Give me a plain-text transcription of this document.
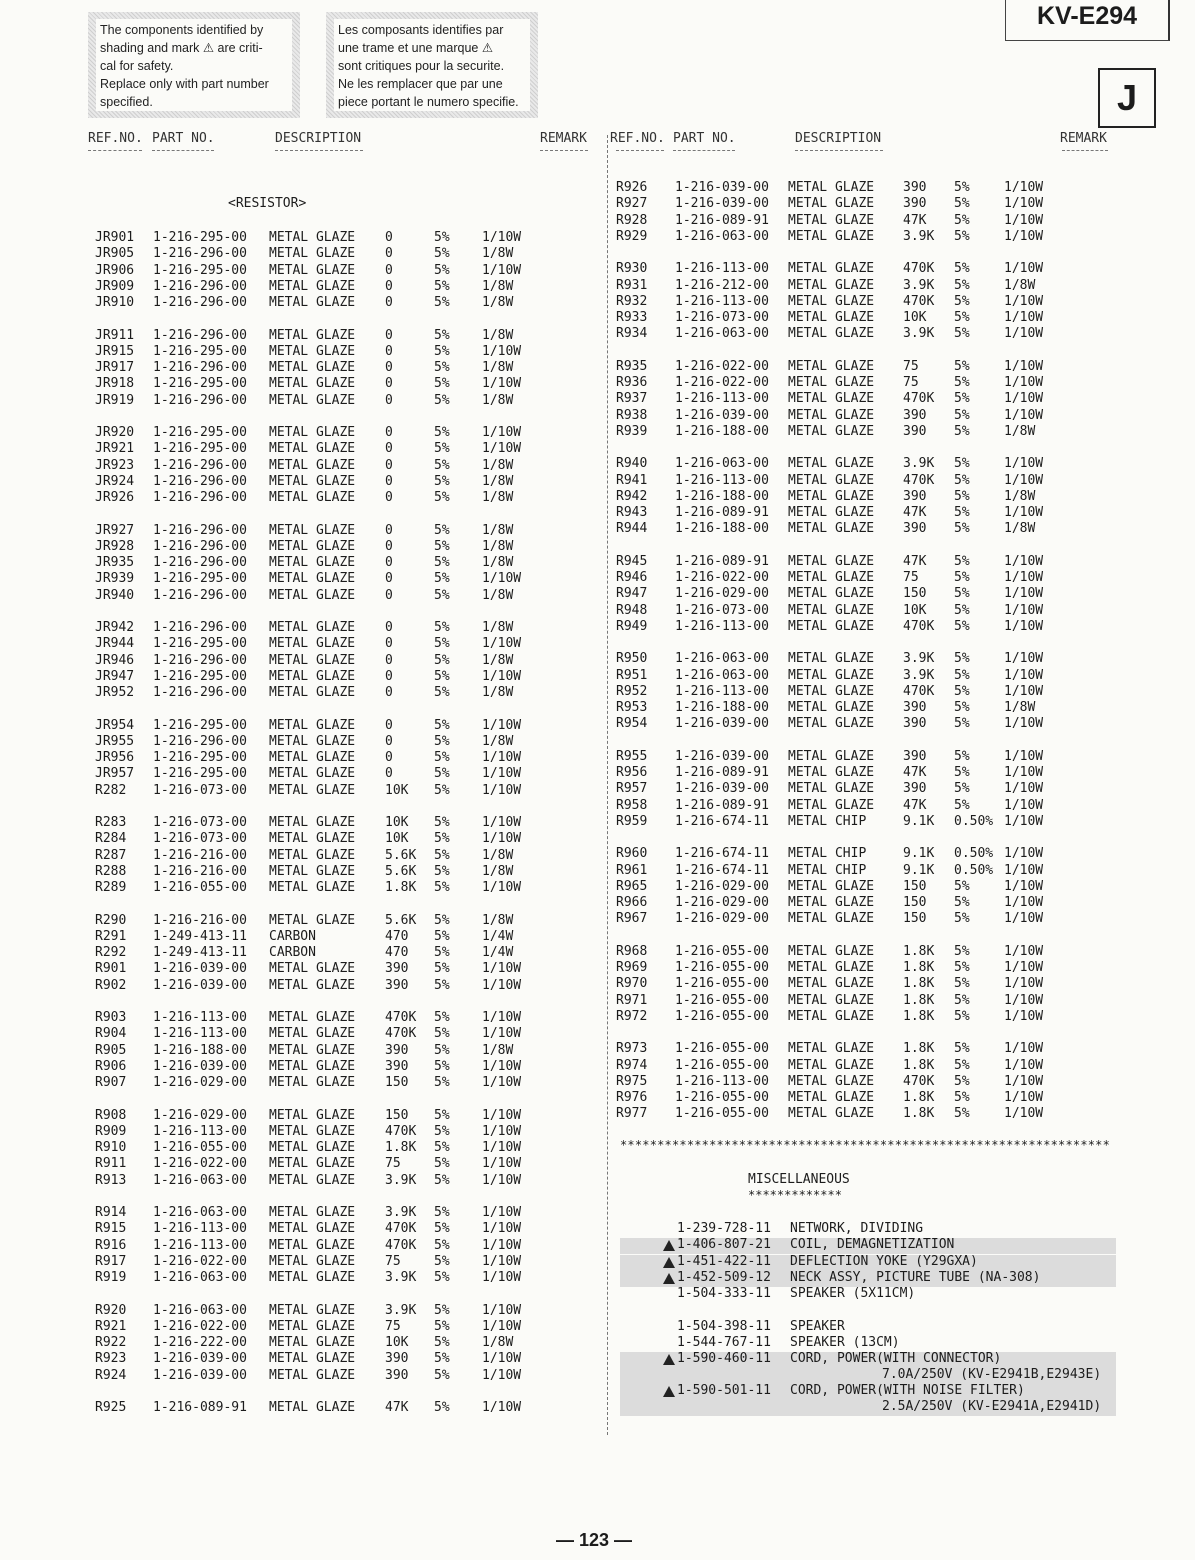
The components identified by
shading and mark ⚠ are criti-
cal for safety.
Replace only with part number
specified.
Les composants identifies par
une trame et une marque ⚠
sont critiques pour la securite.
Ne les remplacer que par une
piece portant le numero specifie.
KV-E294
J
REF.NO. PART NO.	DESCRIPTION	REMARK REF.NO. PART NO.	DESCRIPTION	REMARK
<RESISTOR>
JR901 1-216-295-00 METAL GLAZE 0	5% 1/10W
JR905 1-216-296-00 METAL GLAZE 0	5% 1/8W
JR906 1-216-295-00 METAL GLAZE 0	5% 1/10W
JR909 1-216-296-00 METAL GLAZE 0	5% 1/8W
JR910 1-216-296-00 METAL GLAZE 0	5% 1/8W
JR911 1-216-296-00 METAL GLAZE 0	5% 1/8W
JR915 1-216-295-00 METAL GLAZE 0	5% 1/10W
JR917 1-216-296-00 METAL GLAZE 0	5% 1/8W
JR918 1-216-295-00 METAL GLAZE 0	5% 1/10W
JR919 1-216-296-00 METAL GLAZE 0	5% 1/8W
JR920 1-216-295-00 METAL GLAZE 0	5% 1/10W
JR921 1-216-295-00 METAL GLAZE 0	5% 1/10W
JR923 1-216-296-00 METAL GLAZE 0	5% 1/8W
JR924 1-216-296-00 METAL GLAZE 0	5% 1/8W
JR926 1-216-296-00 METAL GLAZE 0	5% 1/8W
JR927 1-216-296-00 METAL GLAZE 0	5% 1/8W
JR928 1-216-296-00 METAL GLAZE 0	5% 1/8W
JR935 1-216-296-00 METAL GLAZE 0	5% 1/8W
JR939 1-216-295-00 METAL GLAZE 0	5% 1/10W
JR940 1-216-296-00 METAL GLAZE 0	5% 1/8W
JR942 1-216-296-00 METAL GLAZE 0	5% 1/8W
JR944 1-216-295-00 METAL GLAZE 0	5% 1/10W
JR946 1-216-296-00 METAL GLAZE 0	5% 1/8W
JR947 1-216-295-00 METAL GLAZE 0	5% 1/10W
JR952 1-216-296-00 METAL GLAZE 0	5% 1/8W
JR954 1-216-295-00 METAL GLAZE 0	5% 1/10W
JR955 1-216-296-00 METAL GLAZE 0	5% 1/8W
JR956 1-216-295-00 METAL GLAZE 0	5% 1/10W
JR957 1-216-295-00 METAL GLAZE 0	5% 1/10W
R282 1-216-073-00 METAL GLAZE 10K 5% 1/10W
R283 1-216-073-00 METAL GLAZE 10K 5% 1/10W
R284 1-216-073-00 METAL GLAZE 10K 5% 1/10W
R287 1-216-216-00 METAL GLAZE 5.6K 5% 1/8W
R288 1-216-216-00 METAL GLAZE 5.6K 5% 1/8W
R289 1-216-055-00 METAL GLAZE 1.8K 5% 1/10W
R290 1-216-216-00 METAL GLAZE 5.6K 5% 1/8W
R291 1-249-413-11 CARBON	470 5% 1/4W
R292 1-249-413-11 CARBON	470 5% 1/4W
R901 1-216-039-00 METAL GLAZE 390 5% 1/10W
R902 1-216-039-00 METAL GLAZE 390 5% 1/10W
R903 1-216-113-00 METAL GLAZE 470K 5% 1/10W
R904 1-216-113-00 METAL GLAZE 470K 5% 1/10W
R905 1-216-188-00 METAL GLAZE 390 5% 1/8W
R906 1-216-039-00 METAL GLAZE 390 5% 1/10W
R907 1-216-029-00 METAL GLAZE 150 5% 1/10W
R908 1-216-029-00 METAL GLAZE 150 5% 1/10W
R909 1-216-113-00 METAL GLAZE 470K 5% 1/10W
R910 1-216-055-00 METAL GLAZE 1.8K 5% 1/10W
R911 1-216-022-00 METAL GLAZE 75	5% 1/10W
R913 1-216-063-00 METAL GLAZE 3.9K 5% 1/10W
R914 1-216-063-00 METAL GLAZE 3.9K 5% 1/10W
R915 1-216-113-00 METAL GLAZE 470K 5% 1/10W
R916 1-216-113-00 METAL GLAZE 470K 5% 1/10W
R917 1-216-022-00 METAL GLAZE 75	5% 1/10W
R919 1-216-063-00 METAL GLAZE 3.9K 5% 1/10W
R920 1-216-063-00 METAL GLAZE 3.9K 5% 1/10W
R921 1-216-022-00 METAL GLAZE 75	5% 1/10W
R922 1-216-222-00 METAL GLAZE 10K 5% 1/8W
R923 1-216-039-00 METAL GLAZE 390 5% 1/10W
R924 1-216-039-00 METAL GLAZE 390 5% 1/10W
R925 1-216-089-91 METAL GLAZE 47K 5% 1/10W
R926 1-216-039-00 METAL GLAZE 390 5%	1/10W
R927 1-216-039-00 METAL GLAZE 390 5%	1/10W
R928 1-216-089-91 METAL GLAZE 47K 5%	1/10W
R929 1-216-063-00 METAL GLAZE 3.9K 5%	1/10W
R930 1-216-113-00 METAL GLAZE 470K 5%	1/10W
R931 1-216-212-00 METAL GLAZE 3.9K 5%	1/8W
R932 1-216-113-00 METAL GLAZE 470K 5%	1/10W
R933 1-216-073-00 METAL GLAZE 10K 5%	1/10W
R934 1-216-063-00 METAL GLAZE 3.9K 5%	1/10W
R935 1-216-022-00 METAL GLAZE 75	5%	1/10W
R936 1-216-022-00 METAL GLAZE 75	5%	1/10W
R937 1-216-113-00 METAL GLAZE 470K 5%	1/10W
R938 1-216-039-00 METAL GLAZE 390 5%	1/10W
R939 1-216-188-00 METAL GLAZE 390 5%	1/8W
R940 1-216-063-00 METAL GLAZE 3.9K 5%	1/10W
R941 1-216-113-00 METAL GLAZE 470K 5%	1/10W
R942 1-216-188-00 METAL GLAZE 390 5%	1/8W
R943 1-216-089-91 METAL GLAZE 47K 5%	1/10W
R944 1-216-188-00 METAL GLAZE 390 5%	1/8W
R945 1-216-089-91 METAL GLAZE 47K 5%	1/10W
R946 1-216-022-00 METAL GLAZE 75	5%	1/10W
R947 1-216-029-00 METAL GLAZE 150 5%	1/10W
R948 1-216-073-00 METAL GLAZE 10K 5%	1/10W
R949 1-216-113-00 METAL GLAZE 470K 5%	1/10W
R950 1-216-063-00 METAL GLAZE 3.9K 5%	1/10W
R951 1-216-063-00 METAL GLAZE 3.9K 5%	1/10W
R952 1-216-113-00 METAL GLAZE 470K 5%	1/10W
R953 1-216-188-00 METAL GLAZE 390 5%	1/8W
R954 1-216-039-00 METAL GLAZE 390 5%	1/10W
R955 1-216-039-00 METAL GLAZE 390 5%	1/10W
R956 1-216-089-91 METAL GLAZE 47K 5%	1/10W
R957 1-216-039-00 METAL GLAZE 390 5%	1/10W
R958 1-216-089-91 METAL GLAZE 47K 5%	1/10W
R959 1-216-674-11 METAL CHIP	9.1K 0.50% 1/10W
R960 1-216-674-11 METAL CHIP	9.1K 0.50% 1/10W
R961 1-216-674-11 METAL CHIP	9.1K 0.50% 1/10W
R965 1-216-029-00 METAL GLAZE 150 5%	1/10W
R966 1-216-029-00 METAL GLAZE 150 5%	1/10W
R967 1-216-029-00 METAL GLAZE 150 5%	1/10W
R968 1-216-055-00 METAL GLAZE 1.8K 5%	1/10W
R969 1-216-055-00 METAL GLAZE 1.8K 5%	1/10W
R970 1-216-055-00 METAL GLAZE 1.8K 5%	1/10W
R971 1-216-055-00 METAL GLAZE 1.8K 5%	1/10W
R972 1-216-055-00 METAL GLAZE 1.8K 5%	1/10W
R973 1-216-055-00 METAL GLAZE 1.8K 5%	1/10W
R974 1-216-055-00 METAL GLAZE 1.8K 5%	1/10W
R975 1-216-113-00 METAL GLAZE 470K 5%	1/10W
R976 1-216-055-00 METAL GLAZE 1.8K 5%	1/10W
R977 1-216-055-00 METAL GLAZE 1.8K 5%	1/10W
******************************************************************
MISCELLANEOUS
*************
1-239-728-11 NETWORK, DIVIDING
1-406-807-21 COIL, DEMAGNETIZATION
1-451-422-11 DEFLECTION YOKE (Y29GXA)
1-452-509-12 NECK ASSY, PICTURE TUBE (NA-308)
1-504-333-11 SPEAKER (5X11CM)
1-504-398-11 SPEAKER
1-544-767-11 SPEAKER (13CM)
1-590-460-11 CORD, POWER(WITH CONNECTOR)
7.0A/250V (KV-E2941B,E2943E)
1-590-501-11 CORD, POWER(WITH NOISE FILTER)
2.5A/250V (KV-E2941A,E2941D)
— 123 —
